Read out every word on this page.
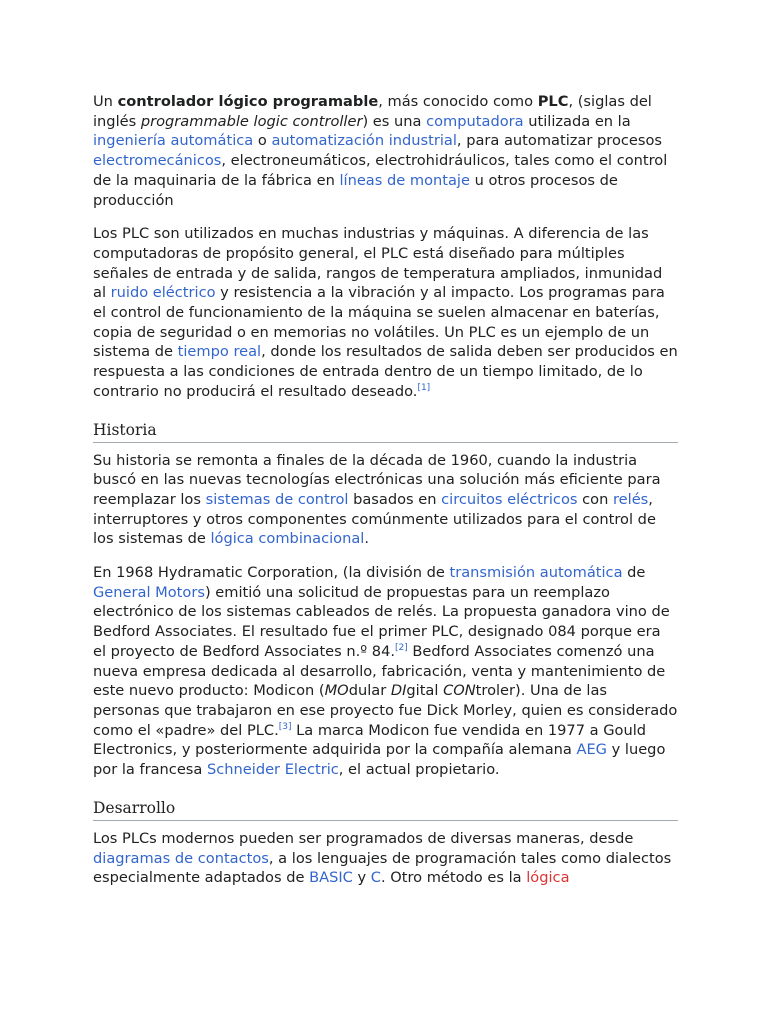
Un controlador lógico programable, más conocido como PLC, (siglas del inglés programmable logic controller) es una computadora utilizada en la ingeniería automática o automatización industrial, para automatizar procesos electromecánicos, electroneumáticos, electrohidráulicos, tales como el control de la maquinaria de la fábrica en líneas de montaje u otros procesos de producción

Los PLC son utilizados en muchas industrias y máquinas. A diferencia de las computadoras de propósito general, el PLC está diseñado para múltiples señales de entrada y de salida, rangos de temperatura ampliados, inmunidad al ruido eléctrico y resistencia a la vibración y al impacto. Los programas para el control de funcionamiento de la máquina se suelen almacenar en baterías, copia de seguridad o en memorias no volátiles. Un PLC es un ejemplo de un sistema de tiempo real, donde los resultados de salida deben ser producidos en respuesta a las condiciones de entrada dentro de un tiempo limitado, de lo contrario no producirá el resultado deseado.[1]

Historia

Su historia se remonta a finales de la década de 1960, cuando la industria buscó en las nuevas tecnologías electrónicas una solución más eficiente para reemplazar los sistemas de control basados en circuitos eléctricos con relés, interruptores y otros componentes comúnmente utilizados para el control de los sistemas de lógica combinacional.

En 1968 Hydramatic Corporation, (la división de transmisión automática de General Motors) emitió una solicitud de propuestas para un reemplazo electrónico de los sistemas cableados de relés. La propuesta ganadora vino de Bedford Associates. El resultado fue el primer PLC, designado 084 porque era el proyecto de Bedford Associates n.º 84.[2] Bedford Associates comenzó una nueva empresa dedicada al desarrollo, fabricación, venta y mantenimiento de este nuevo producto: Modicon (MOdular DIgital CONtroler). Una de las personas que trabajaron en ese proyecto fue Dick Morley, quien es considerado como el «padre» del PLC.[3] La marca Modicon fue vendida en 1977 a Gould Electronics, y posteriormente adquirida por la compañía alemana AEG y luego por la francesa Schneider Electric, el actual propietario.

Desarrollo

Los PLCs modernos pueden ser programados de diversas maneras, desde diagramas de contactos, a los lenguajes de programación tales como dialectos especialmente adaptados de BASIC y C. Otro método es la lógica
